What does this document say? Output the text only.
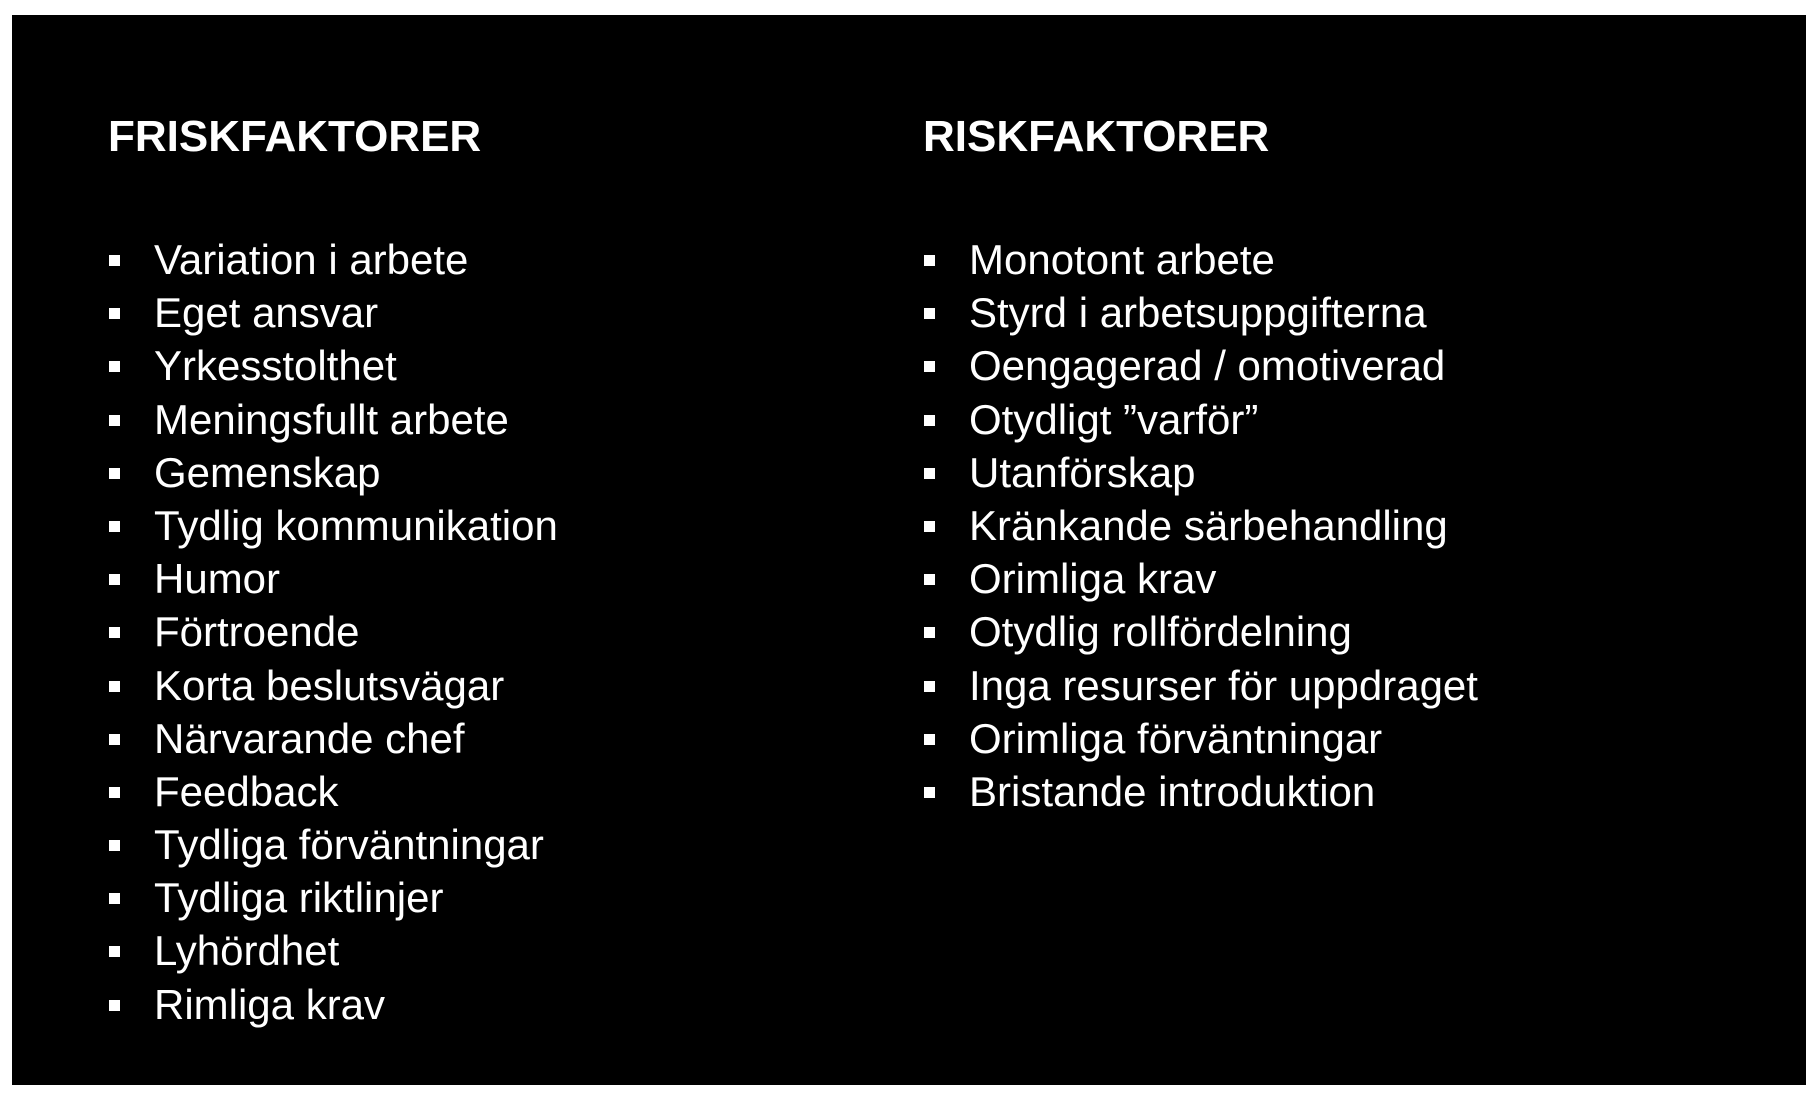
FRISKFAKTORER
Variation i arbete
Eget ansvar
Yrkesstolthet
Meningsfullt arbete
Gemenskap
Tydlig kommunikation
Humor
Förtroende
Korta beslutsvägar
Närvarande chef
Feedback
Tydliga förväntningar
Tydliga riktlinjer
Lyhördhet
Rimliga krav
RISKFAKTORER
Monotont arbete
Styrd i arbetsuppgifterna
Oengagerad / omotiverad
Otydligt ”varför”
Utanförskap
Kränkande särbehandling
Orimliga krav
Otydlig rollfördelning
Inga resurser för uppdraget
Orimliga förväntningar
Bristande introduktion
